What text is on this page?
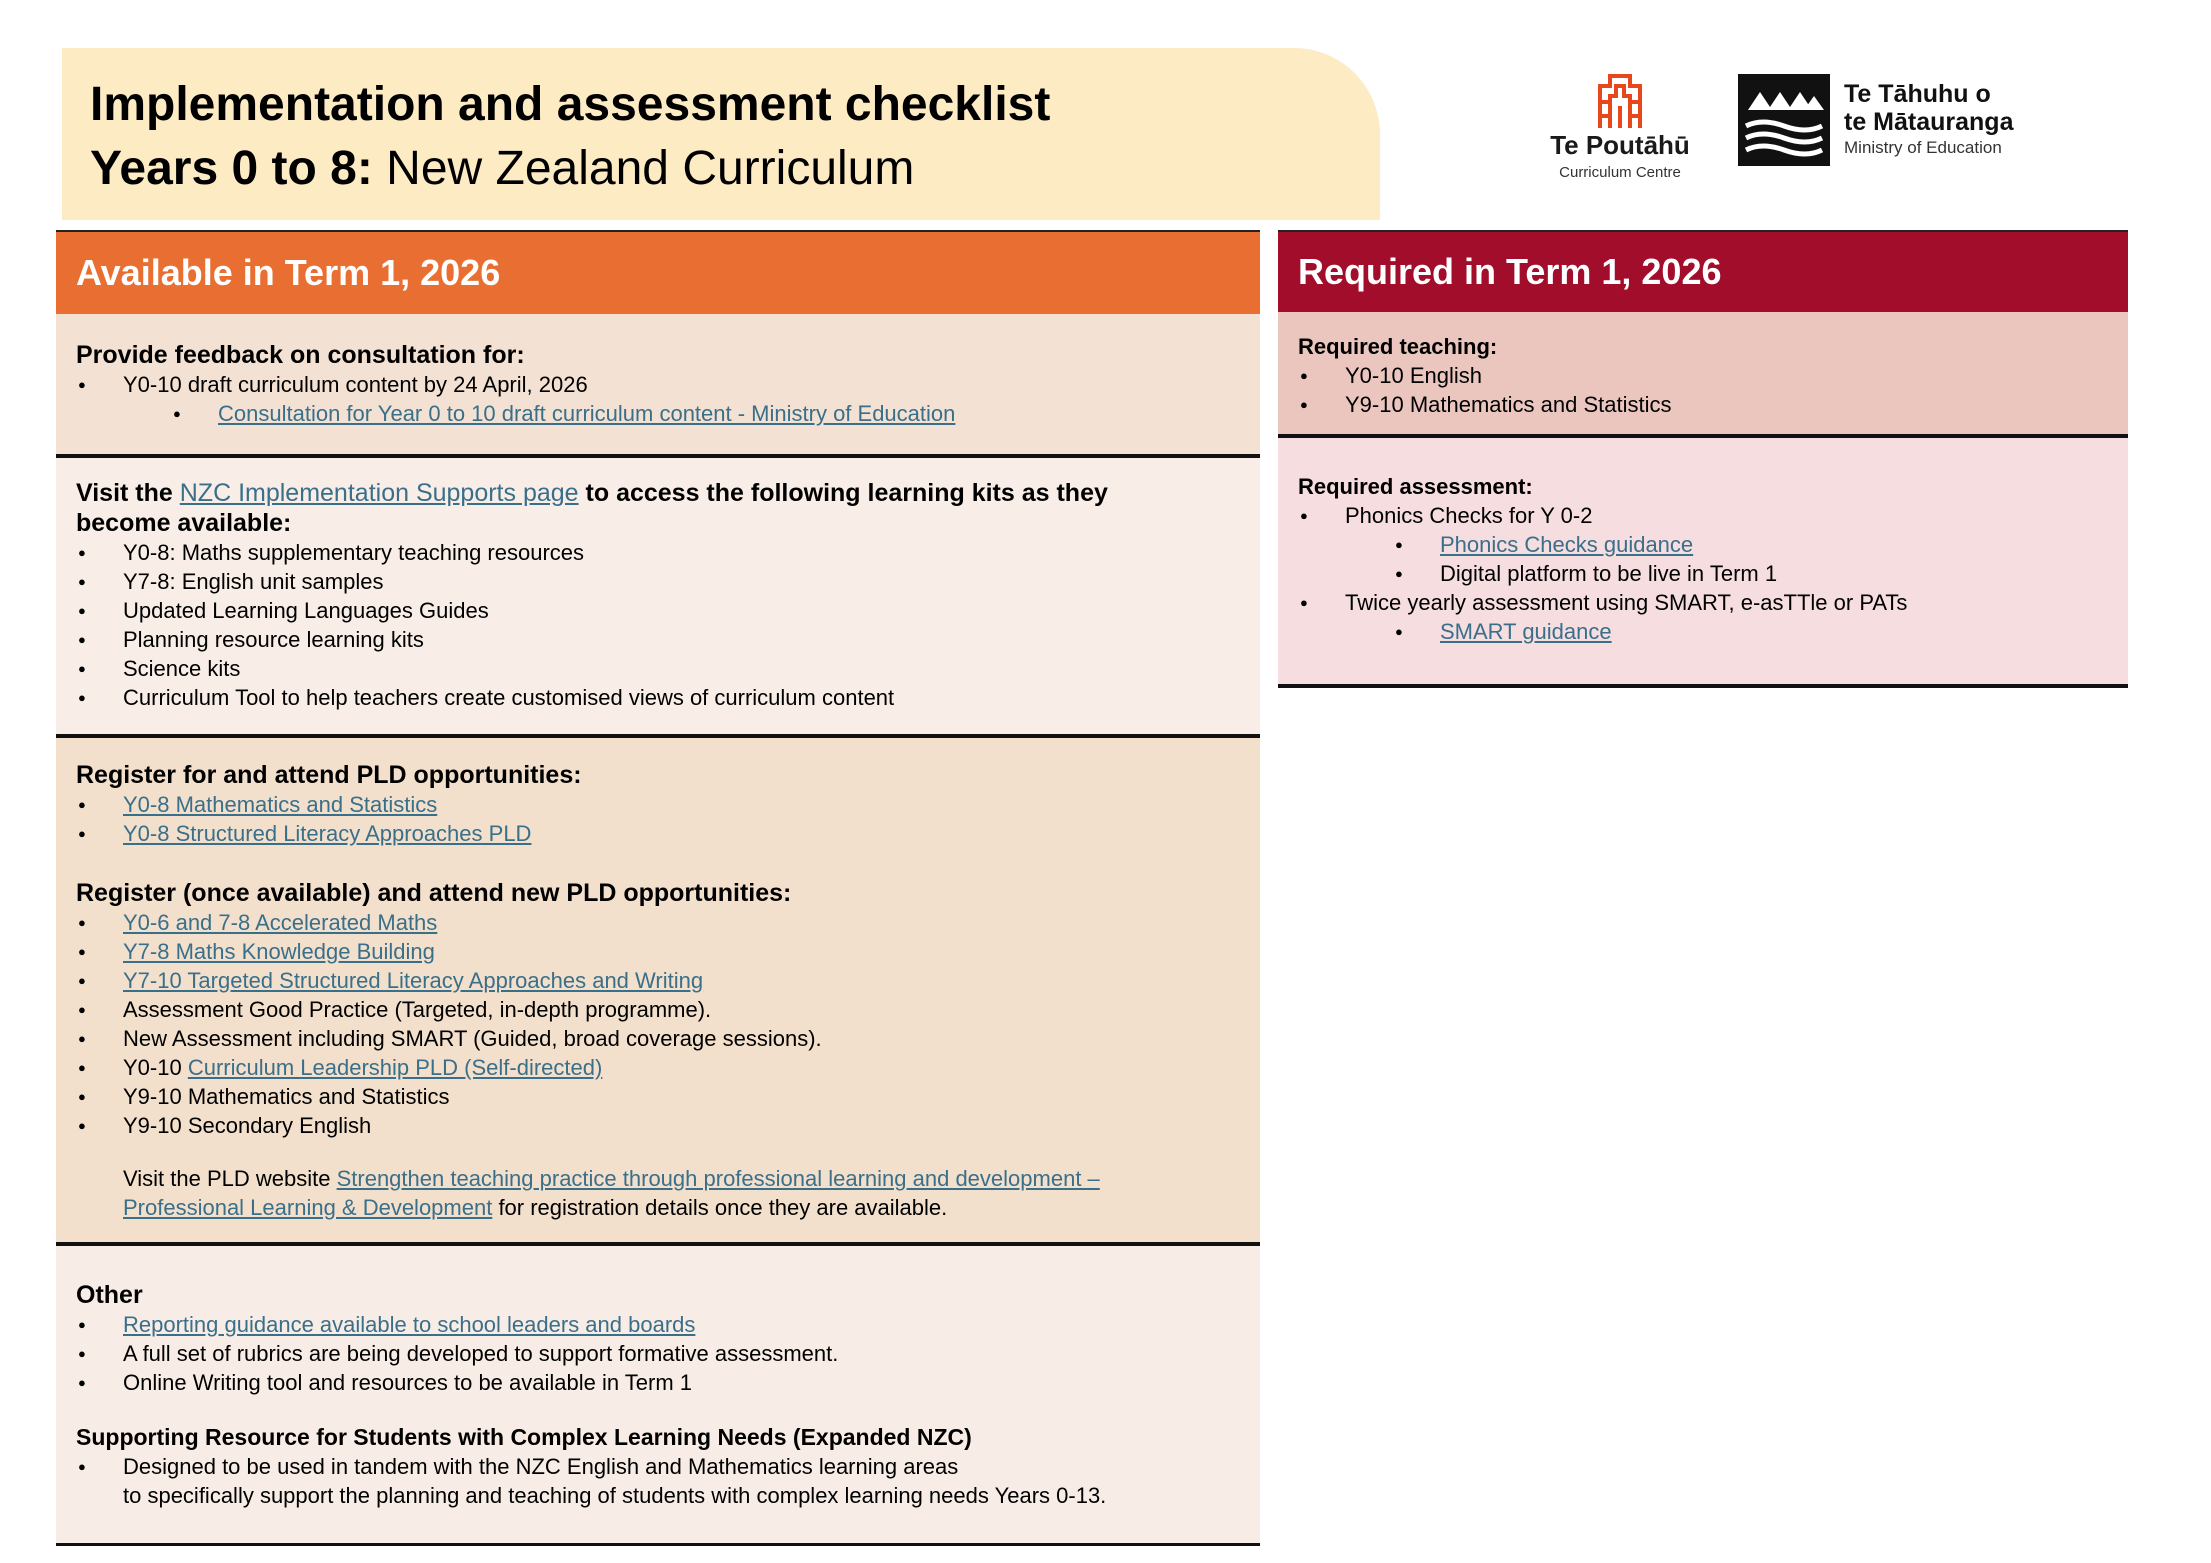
Implementation and assessment checklist
Years 0 to 8: New Zealand Curriculum	Te Poutāhū
Curriculum Centre
Te Tāhuhu o
te Mātauranga
Ministry of Education
Available in Term 1, 2026
Provide feedback on consultation for:
● Y0-10 draft curriculum content by 24 April, 2026
● Consultation for Year 0 to 10 draft curriculum content - Ministry of Education
Visit the NZC Implementation Supports page to access the following learning kits as they
become available:
● Y0-8: Maths supplementary teaching resources
● Y7-8: English unit samples
● Updated Learning Languages Guides
● Planning resource learning kits
● Science kits
● Curriculum Tool to help teachers create customised views of curriculum content
Register for and attend PLD opportunities:
● Y0-8 Mathematics and Statistics
● Y0-8 Structured Literacy Approaches PLD
Register (once available) and attend new PLD opportunities:
● Y0-6 and 7-8 Accelerated Maths
● Y7-8 Maths Knowledge Building
● Y7-10 Targeted Structured Literacy Approaches and Writing
● Assessment Good Practice (Targeted, in-depth programme).
● New Assessment including SMART (Guided, broad coverage sessions).
● Y0-10 Curriculum Leadership PLD (Self-directed)
● Y9-10 Mathematics and Statistics
● Y9-10 Secondary English
Visit the PLD website Strengthen teaching practice through professional learning and development –
Professional Learning & Development for registration details once they are available.
Other
● Reporting guidance available to school leaders and boards
● A full set of rubrics are being developed to support formative assessment.
● Online Writing tool and resources to be available in Term 1
Supporting Resource for Students with Complex Learning Needs (Expanded NZC)
● Designed to be used in tandem with the NZC English and Mathematics learning areas
to specifically support the planning and teaching of students with complex learning needs Years 0-13.
Required in Term 1, 2026
Required teaching:
● Y0-10 English
● Y9-10 Mathematics and Statistics
Required assessment:
● Phonics Checks for Y 0-2
● Phonics Checks guidance
● Digital platform to be live in Term 1
● Twice yearly assessment using SMART, e-asTTle or PATs
● SMART guidance
